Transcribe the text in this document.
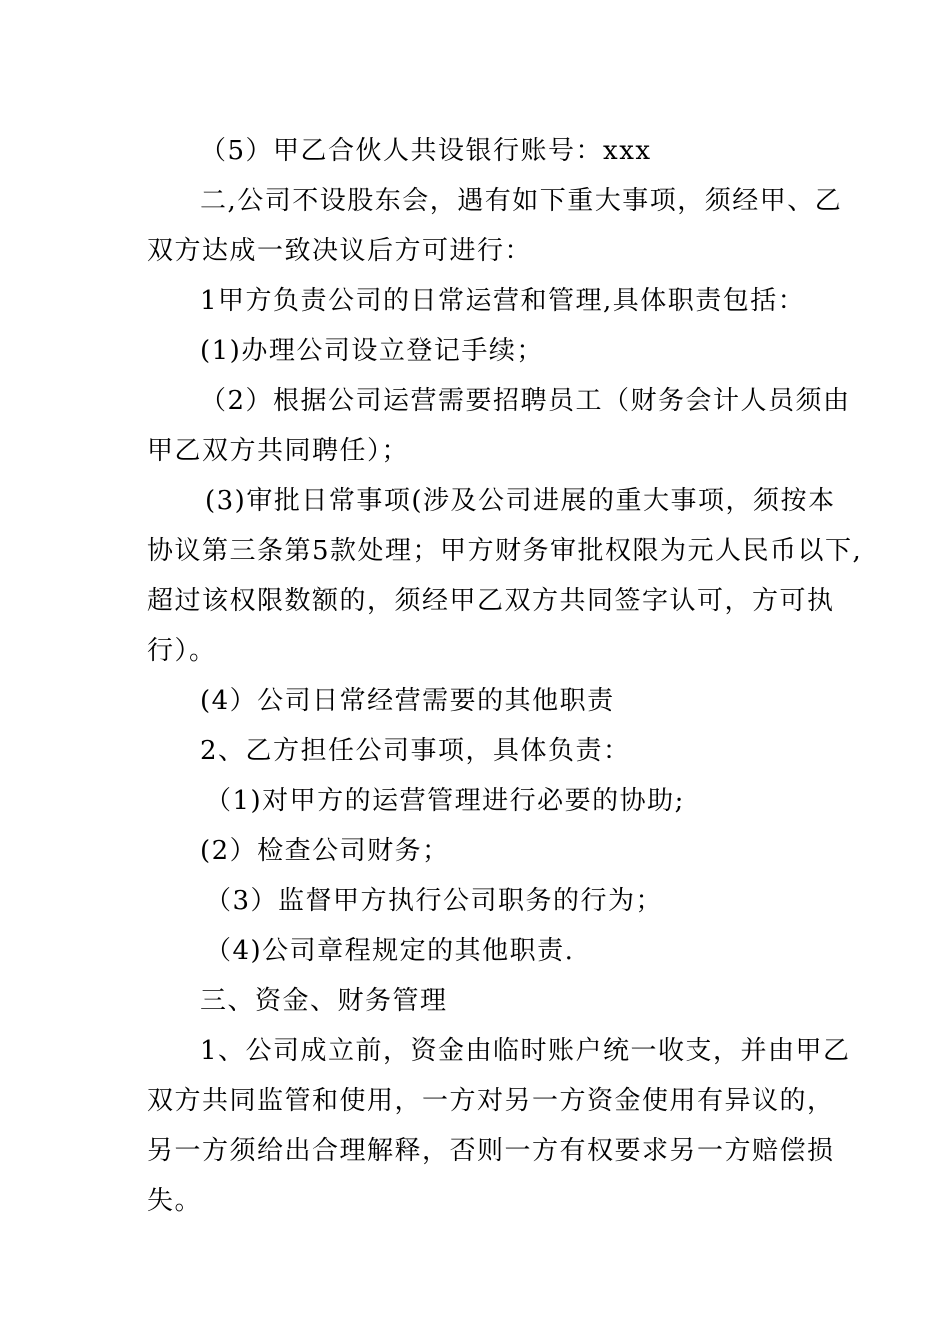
（5）甲乙合伙人共设银行账号：xxx
二,公司不设股东会，遇有如下重大事项，须经甲、乙
双方达成一致决议后方可进行：
1甲方负责公司的日常运营和管理,具体职责包括：
(1)办理公司设立登记手续；
（2）根据公司运营需要招聘员工（财务会计人员须由
甲乙双方共同聘任）；
(3)审批日常事项(涉及公司进展的重大事项，须按本
协议第三条第5款处理；甲方财务审批权限为元人民币以下,
超过该权限数额的，须经甲乙双方共同签字认可，方可执
行）。
(4）公司日常经营需要的其他职责
2、乙方担任公司事项，具体负责：
（1)对甲方的运营管理进行必要的协助;
(2）检查公司财务；
（3）监督甲方执行公司职务的行为；
（4)公司章程规定的其他职责.
三、资金、财务管理
1、公司成立前，资金由临时账户统一收支，并由甲乙
双方共同监管和使用，一方对另一方资金使用有异议的，
另一方须给出合理解释，否则一方有权要求另一方赔偿损
失。
